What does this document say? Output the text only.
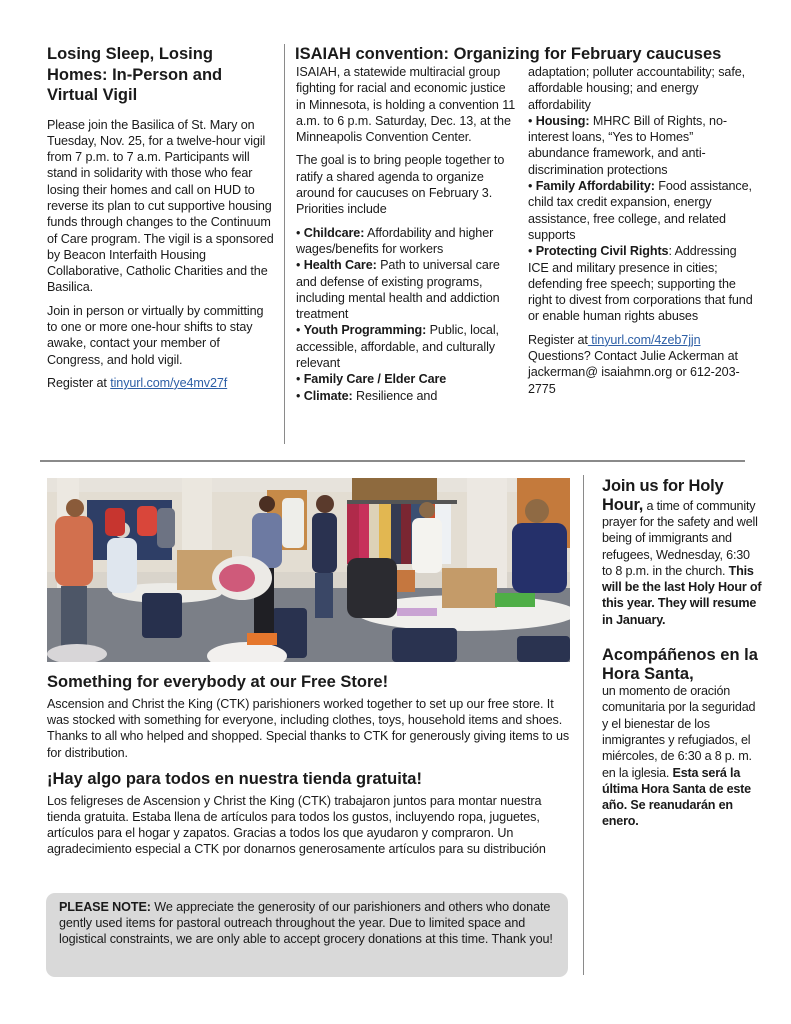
Losing Sleep, Losing Homes: In-Person and Virtual Vigil

Please join the Basilica of St. Mary on Tuesday, Nov. 25, for a twelve-hour vigil from 7 p.m. to 7 a.m. Participants will stand in solidarity with those who fear losing their homes and call on HUD to reverse its plan to cut supportive housing funds through changes to the Continuum of Care program. The vigil is a sponsored by Beacon Interfaith Housing Collaborative, Catholic Charities and the Basilica.

Join in person or virtually by committing to one or more one-hour shifts to stay awake, contact your member of Congress, and hold vigil.

Register at tinyurl.com/ye4mv27f

ISAIAH convention: Organizing for February caucuses

ISAIAH, a statewide multiracial group fighting for racial and economic justice in Minnesota, is holding a convention 11 a.m. to 6 p.m. Saturday, Dec. 13, at the Minneapolis Convention Center.

The goal is to bring people together to ratify a shared agenda to organize around for caucuses on February 3. Priorities include

• Childcare: Affordability and higher wages/benefits for workers
• Health Care: Path to universal care and defense of existing programs, including mental health and addiction treatment
• Youth Programming: Public, local, accessible, affordable, and culturally relevant
• Family Care / Elder Care
• Climate: Resilience and

adaptation; polluter accountability; safe, affordable housing; and energy affordability
• Housing: MHRC Bill of Rights, no-interest loans, “Yes to Homes” abundance framework, and anti-discrimination protections
• Family Affordability: Food assistance, child tax credit expansion, energy assistance, free college, and related supports
• Protecting Civil Rights: Addressing ICE and military presence in cities; defending free speech; supporting the right to divest from corporations that fund or enable human rights abuses
Register at tinyurl.com/4zeb7jjn
Questions? Contact Julie Ackerman at jackerman@ isaiahmn.org or 612-203-2775
Something for everybody at our Free Store!

Ascension and Christ the King (CTK) parishioners worked together to set up our free store. It was stocked with something for everyone, including clothes, toys, household items and shoes. Thanks to all who helped and shopped. Special thanks to CTK for generously giving items to us for distribution.

¡Hay algo para todos en nuestra tienda gratuita!

Los feligreses de Ascension y Christ the King (CTK) trabajaron juntos para montar nuestra tienda gratuita. Estaba llena de artículos para todos los gustos, incluyendo ropa, juguetes, artículos para el hogar y zapatos. Gracias a todos los que ayudaron y compraron. Un agradecimiento especial a CTK por donarnos generosamente artículos para su distribución

PLEASE NOTE: We appreciate the generosity of our parishioners and others who donate gently used items for pastoral outreach throughout the year. Due to limited space and logistical constraints, we are only able to accept grocery donations at this time. Thank you!

Join us for Holy Hour, a time of community prayer for the safety and well being of immigrants and refugees, Wednesday, 6:30 to 8 p.m. in the church. This will be the last Holy Hour of this year. They will resume in January.

Acompáñenos en la Hora Santa,

un momento de oración comunitaria por la seguridad y el bienestar de los inmigrantes y refugiados, el miércoles, de 6:30 a 8 p. m. en la iglesia. Esta será la última Hora Santa de este año. Se reanudarán en enero.
